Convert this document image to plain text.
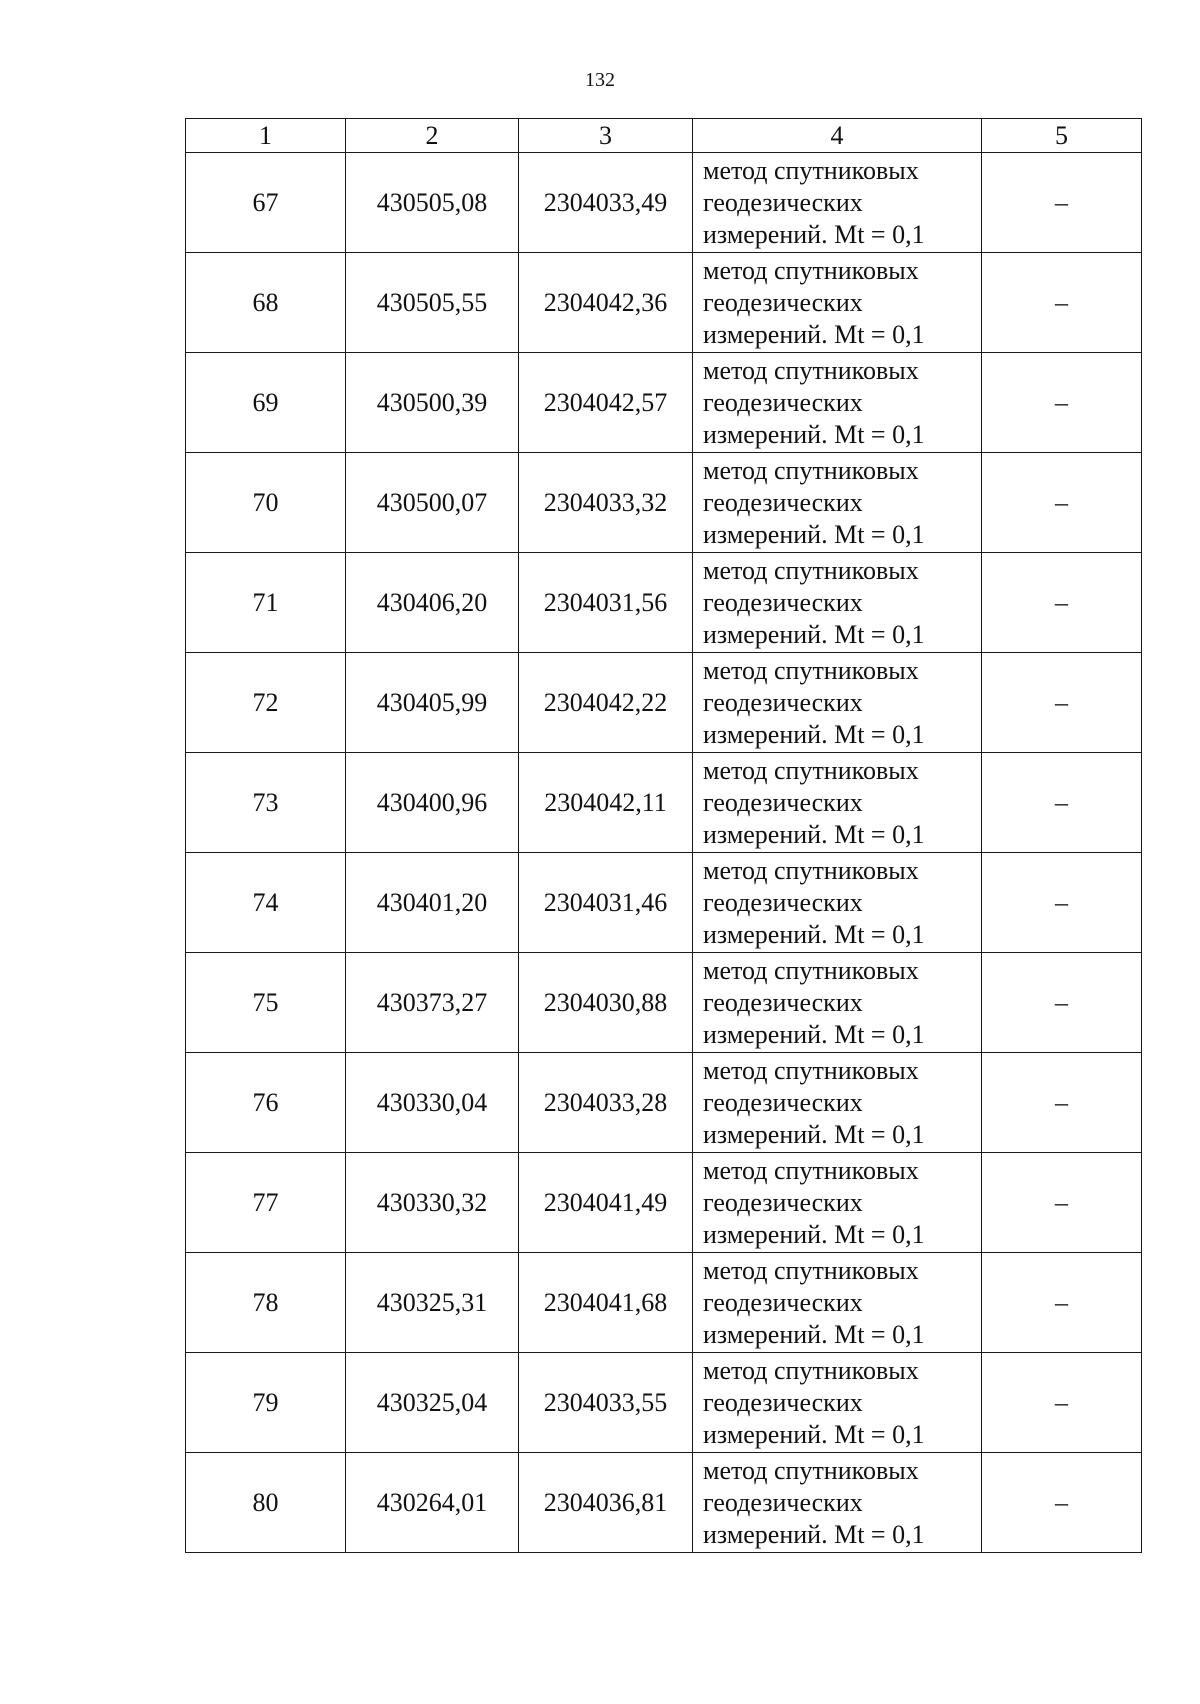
132
1	2	3	4	5
67	430505,08	2304033,49	метод спутниковых
геодезических
измерений. Mt = 0,1	–
68	430505,55	2304042,36	метод спутниковых
геодезических
измерений. Mt = 0,1	–
69	430500,39	2304042,57	метод спутниковых
геодезических
измерений. Mt = 0,1	–
70	430500,07	2304033,32	метод спутниковых
геодезических
измерений. Mt = 0,1	–
71	430406,20	2304031,56	метод спутниковых
геодезических
измерений. Mt = 0,1	–
72	430405,99	2304042,22	метод спутниковых
геодезических
измерений. Mt = 0,1	–
73	430400,96	2304042,11	метод спутниковых
геодезических
измерений. Mt = 0,1	–
74	430401,20	2304031,46	метод спутниковых
геодезических
измерений. Mt = 0,1	–
75	430373,27	2304030,88	метод спутниковых
геодезических
измерений. Mt = 0,1	–
76	430330,04	2304033,28	метод спутниковых
геодезических
измерений. Mt = 0,1	–
77	430330,32	2304041,49	метод спутниковых
геодезических
измерений. Mt = 0,1	–
78	430325,31	2304041,68	метод спутниковых
геодезических
измерений. Mt = 0,1	–
79	430325,04	2304033,55	метод спутниковых
геодезических
измерений. Mt = 0,1	–
80	430264,01	2304036,81	метод спутниковых
геодезических
измерений. Mt = 0,1	–
